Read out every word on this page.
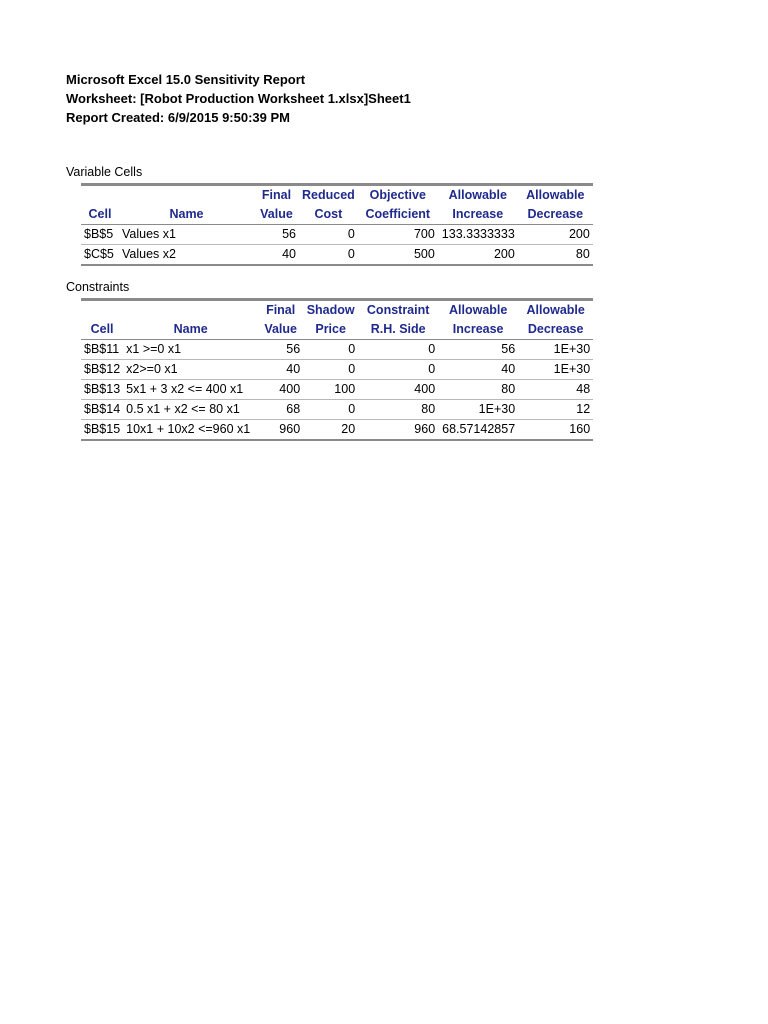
Microsoft Excel 15.0 Sensitivity Report
Worksheet: [Robot Production Worksheet 1.xlsx]Sheet1
Report Created: 6/9/2015 9:50:39 PM
Variable Cells
		Final	Reduced	Objective	Allowable	Allowable
Cell	Name	Value	Cost	Coefficient	Increase	Decrease
$B$5	Values x1	56	0	700	133.3333333	200
$C$5	Values x2	40	0	500	200	80
Constraints
		Final	Shadow	Constraint	Allowable	Allowable
Cell	Name	Value	Price	R.H. Side	Increase	Decrease
$B$11	x1 >=0 x1	56	0	0	56	1E+30
$B$12	x2>=0 x1	40	0	0	40	1E+30
$B$13	5x1 + 3 x2 <= 400 x1	400	100	400	80	48
$B$14	0.5 x1 + x2 <= 80 x1	68	0	80	1E+30	12
$B$15	10x1 + 10x2 <=960 x1	960	20	960	68.57142857	160
